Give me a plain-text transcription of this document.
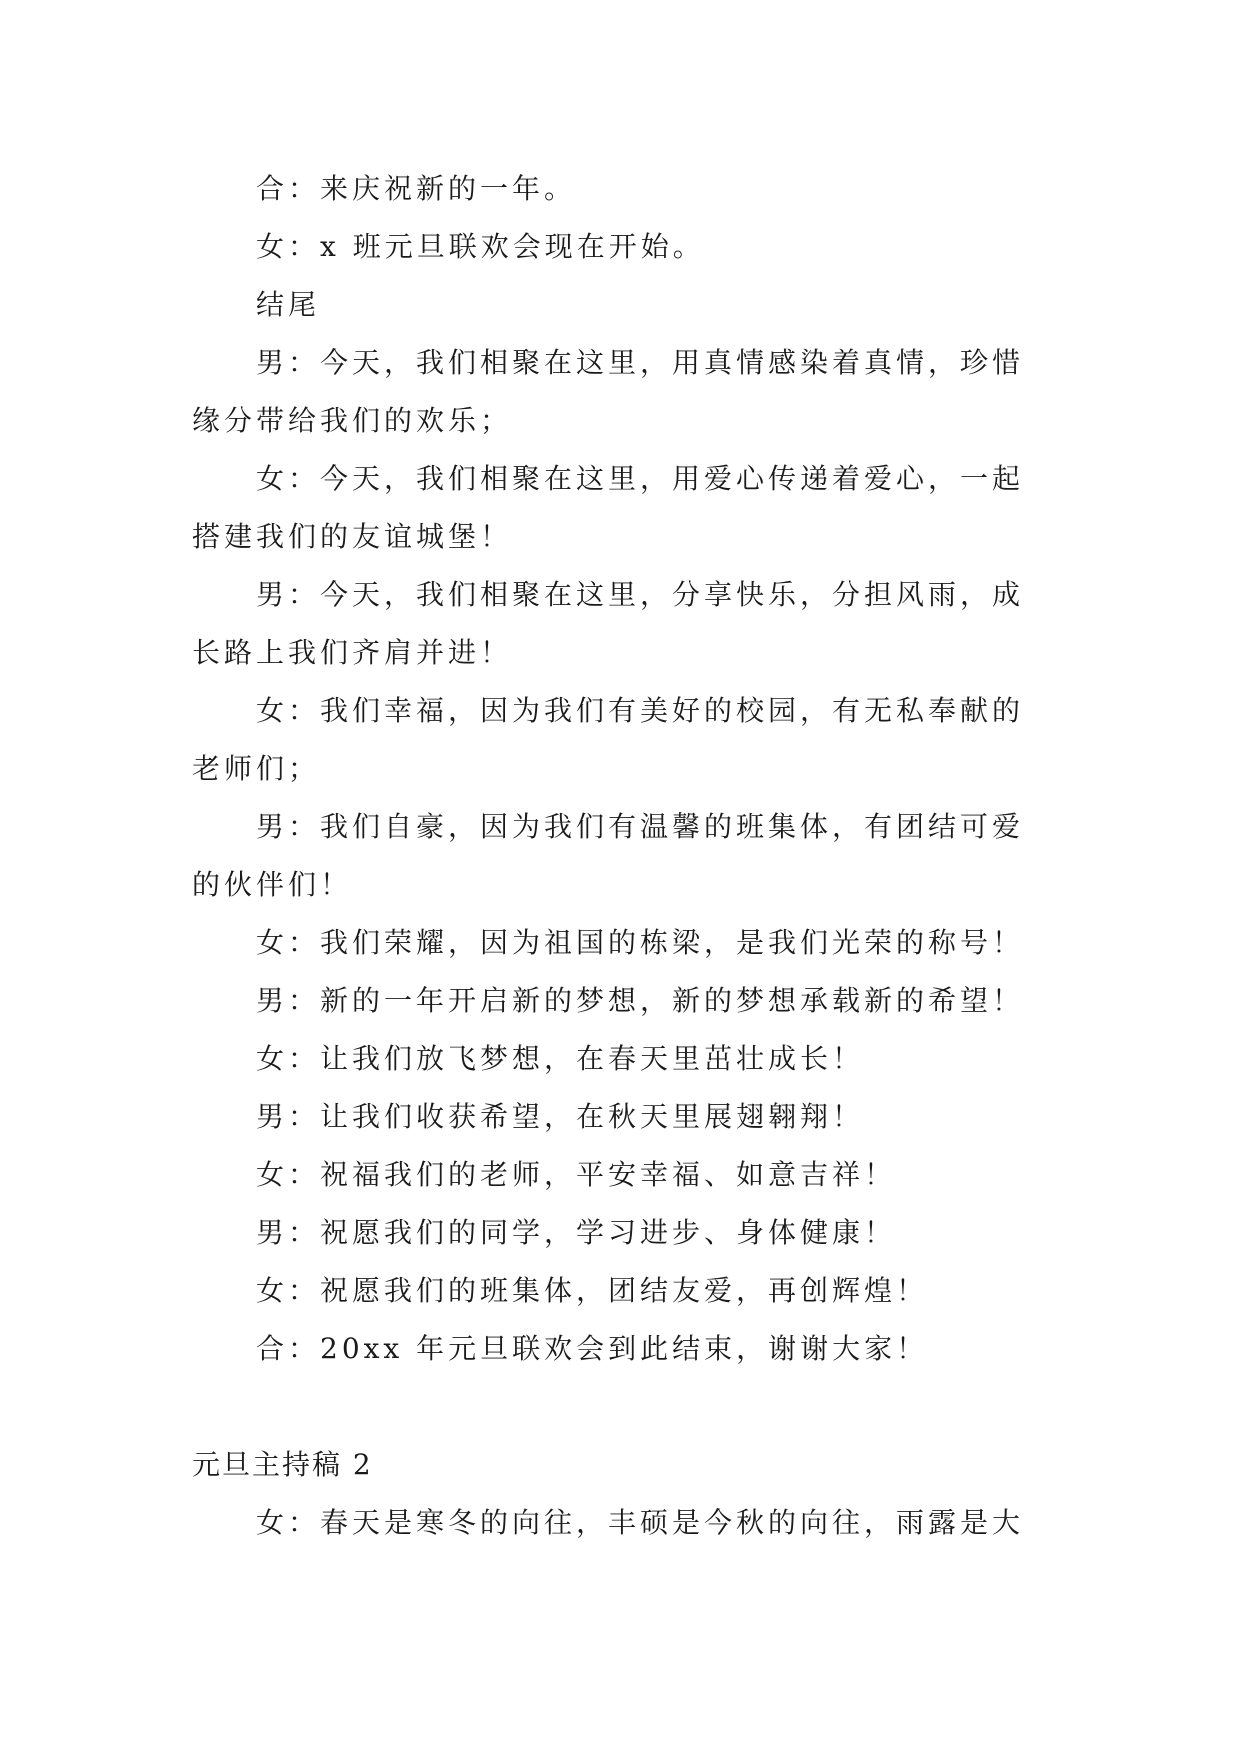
合：来庆祝新的一年。

女：x 班元旦联欢会现在开始。

结尾

男：今天，我们相聚在这里，用真情感染着真情，珍惜缘分带给我们的欢乐；

女：今天，我们相聚在这里，用爱心传递着爱心，一起搭建我们的友谊城堡！

男：今天，我们相聚在这里，分享快乐，分担风雨，成长路上我们齐肩并进！

女：我们幸福，因为我们有美好的校园，有无私奉献的老师们；

男：我们自豪，因为我们有温馨的班集体，有团结可爱的伙伴们！

女：我们荣耀，因为祖国的栋梁，是我们光荣的称号！

男：新的一年开启新的梦想，新的梦想承载新的希望！

女：让我们放飞梦想，在春天里茁壮成长！

男：让我们收获希望，在秋天里展翅翱翔！

女：祝福我们的老师，平安幸福、如意吉祥！

男：祝愿我们的同学，学习进步、身体健康！

女：祝愿我们的班集体，团结友爱，再创辉煌！

合：20xx 年元旦联欢会到此结束，谢谢大家！

元旦主持稿 2

女：春天是寒冬的向往，丰硕是今秋的向往，雨露是大
